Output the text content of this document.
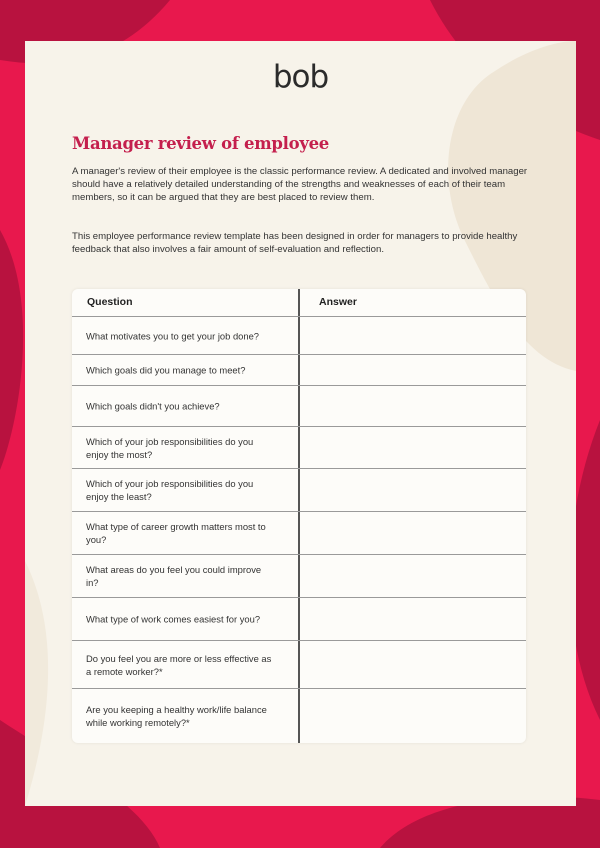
bob
Manager review of employee

A manager's review of their employee is the classic performance review. A dedicated and involved manager should have a relatively detailed understanding of the strengths and weaknesses of each of their team members, so it can be argued that they are best placed to review them.

This employee performance review template has been designed in order for managers to provide healthy feedback that also involves a fair amount of self-evaluation and reflection.

Question	Answer
What motivates you to get your job done?
Which goals did you manage to meet?
Which goals didn't you achieve?
Which of your job responsibilities do you enjoy the most?
Which of your job responsibilities do you enjoy the least?
What type of career growth matters most to you?
What areas do you feel you could improve in?
What type of work comes easiest for you?
Do you feel you are more or less effective as a remote worker?*
Are you keeping a healthy work/life balance while working remotely?*
